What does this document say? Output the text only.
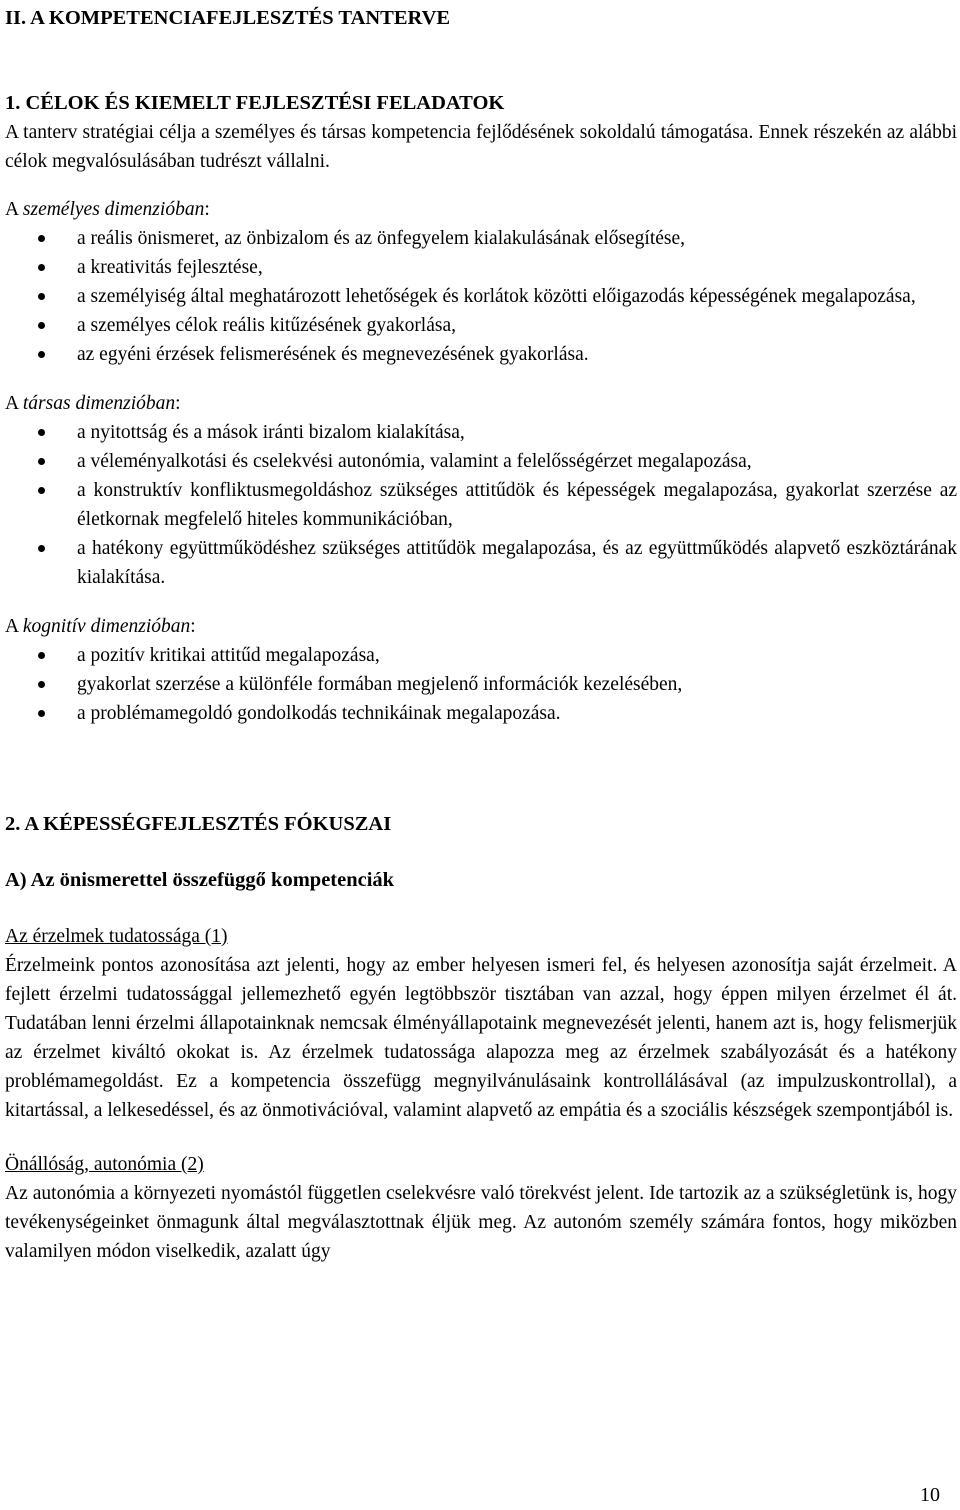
II. A KOMPETENCIAFEJLESZTÉS TANTERVE
1. CÉLOK ÉS KIEMELT FEJLESZTÉSI FELADATOK

A tanterv stratégiai célja a személyes és társas kompetencia fejlődésének sokoldalú támogatása. Ennek részekén az alábbi célok megvalósulásában tudrészt vállalni.

A személyes dimenzióban:

a reális önismeret, az önbizalom és az önfegyelem kialakulásának elősegítése,
a kreativitás fejlesztése,
a személyiség által meghatározott lehetőségek és korlátok közötti előigazodás képességének megalapozása,
a személyes célok reális kitűzésének gyakorlása,
az egyéni érzések felismerésének és megnevezésének gyakorlása.

A társas dimenzióban:

a nyitottság és a mások iránti bizalom kialakítása,
a véleményalkotási és cselekvési autonómia, valamint a felelősségérzet megalapozása,
a konstruktív konfliktusmegoldáshoz szükséges attitűdök és képességek megalapozása, gyakorlat szerzése az életkornak megfelelő hiteles kommunikációban,
a hatékony együttműködéshez szükséges attitűdök megalapozása, és az együttműködés alapvető eszköztárának kialakítása.

A kognitív dimenzióban:

a pozitív kritikai attitűd megalapozása,
gyakorlat szerzése a különféle formában megjelenő információk kezelésében,
a problémamegoldó gondolkodás technikáinak megalapozása.
2. A KÉPESSÉGFEJLESZTÉS FÓKUSZAI
A) Az önismerettel összefüggő kompetenciák
Az érzelmek tudatossága (1)

Érzelmeink pontos azonosítása azt jelenti, hogy az ember helyesen ismeri fel, és helyesen azonosítja saját érzelmeit. A fejlett érzelmi tudatossággal jellemezhető egyén legtöbbször tisztában van azzal, hogy éppen milyen érzelmet él át. Tudatában lenni érzelmi állapotainknak nemcsak élményállapotaink megnevezését jelenti, hanem azt is, hogy felismerjük az érzelmet kiváltó okokat is. Az érzelmek tudatossága alapozza meg az érzelmek szabályozását és a hatékony problémamegoldást. Ez a kompetencia összefügg megnyilvánulásaink kontrollálásával (az impulzuskontrollal), a kitartással, a lelkesedéssel, és az önmotivációval, valamint alapvető az empátia és a szociális készségek szempontjából is.

Önállóság, autonómia (2)

Az autonómia a környezeti nyomástól független cselekvésre való törekvést jelent. Ide tartozik az a szükségletünk is, hogy tevékenységeinket önmagunk által megválasztottnak éljük meg. Az autonóm személy számára fontos, hogy miközben valamilyen módon viselkedik, azalatt úgy

10
